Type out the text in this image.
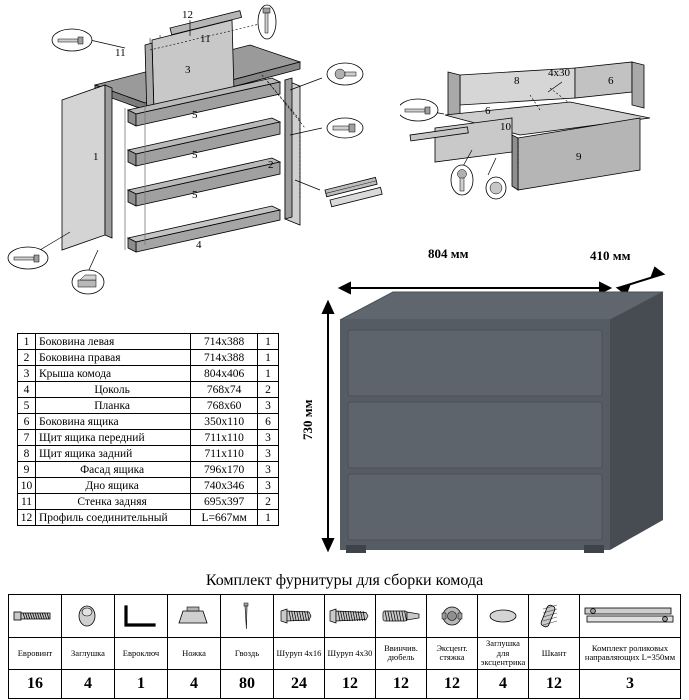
12
11
11
3
1
5
5
5
2
4
8
6
6
10
9
4х30
804 мм	410 мм
730 мм
1	Боковина левая	714x388	1
2	Боковина правая	714x388	1
3	Крыша комода	804x406	1
4	Цоколь	768х74	2
5	Планка	768х60	3
6	Боковина ящика	350х110	6
7	Щит ящика передний	711х110	3
8	Щит ящика задний	711х110	3
9	Фасад ящика	796х170	3
10	Дно ящика	740х346	3
11	Стенка задняя	695х397	2
12	Профиль соединительный	L=667мм	1
Комплект фурнитуры для сборки комода

Евровинт	Заглушка	Евроключ	Ножка	Гвоздь	Шуруп 4х16	Шуруп 4х30	Ввинчив. дюбель	Эксцент. стяжка	Заглушка для эксцентрика	Шкант	Комплект роликовых направляющих L=350мм
16	4	1	4	80	24	12	12	12	4	12	3
